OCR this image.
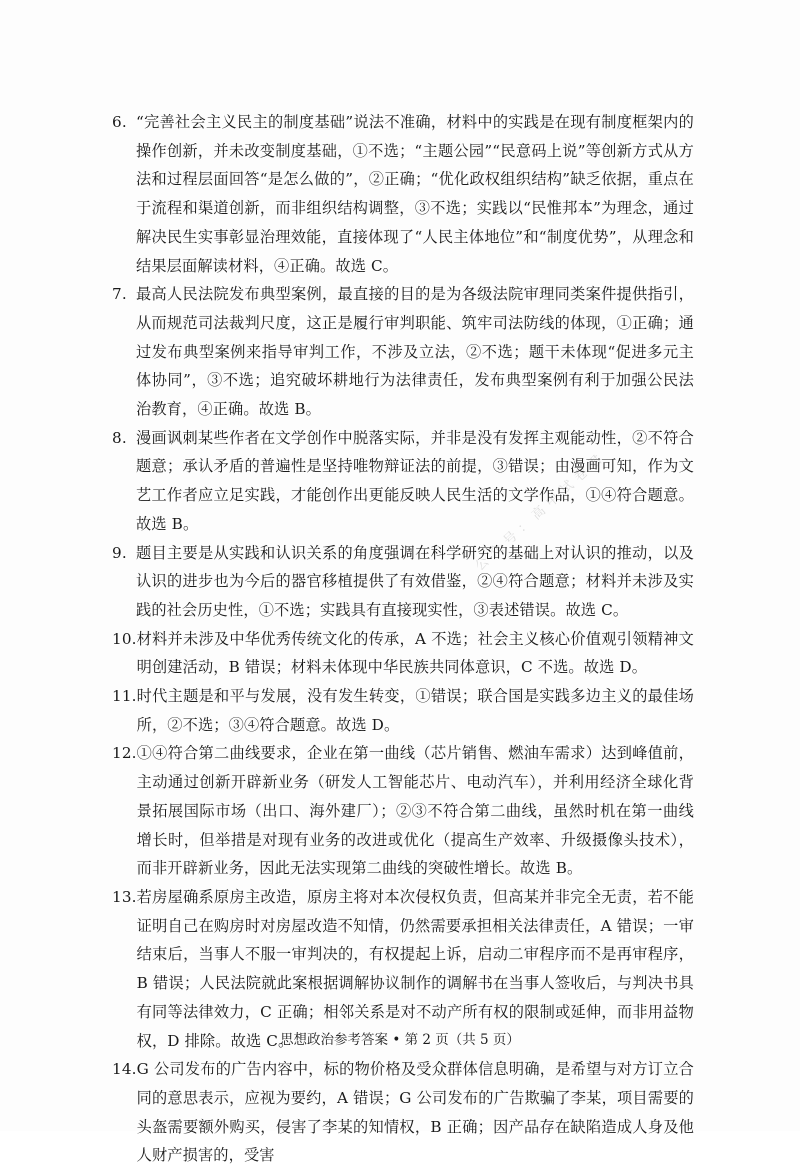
6. “完善社会主义民主的制度基础”说法不准确，材料中的实践是在现有制度框架内的操作创新，并未改变制度基础，①不选；“主题公园”“民意码上说”等创新方式从方法和过程层面回答“是怎么做的”，②正确；“优化政权组织结构”缺乏依据，重点在于流程和渠道创新，而非组织结构调整，③不选；实践以“民惟邦本”为理念，通过解决民生实事彰显治理效能，直接体现了“人民主体地位”和“制度优势”，从理念和结果层面解读材料，④正确。故选 C。
7. 最高人民法院发布典型案例，最直接的目的是为各级法院审理同类案件提供指引，从而规范司法裁判尺度，这正是履行审判职能、筑牢司法防线的体现，①正确；通过发布典型案例来指导审判工作，不涉及立法，②不选；题干未体现“促进多元主体协同”，③不选；追究破坏耕地行为法律责任，发布典型案例有利于加强公民法治教育，④正确。故选 B。
8. 漫画讽刺某些作者在文学创作中脱落实际，并非是没有发挥主观能动性，②不符合题意；承认矛盾的普遍性是坚持唯物辩证法的前提，③错误；由漫画可知，作为文艺工作者应立足实践，才能创作出更能反映人民生活的文学作品，①④符合题意。故选 B。
9. 题目主要是从实践和认识关系的角度强调在科学研究的基础上对认识的推动，以及认识的进步也为今后的器官移植提供了有效借鉴，②④符合题意；材料并未涉及实践的社会历史性，①不选；实践具有直接现实性，③表述错误。故选 C。
10. 材料并未涉及中华优秀传统文化的传承，A 不选；社会主义核心价值观引领精神文明创建活动，B 错误；材料未体现中华民族共同体意识，C 不选。故选 D。
11. 时代主题是和平与发展，没有发生转变，①错误；联合国是实践多边主义的最佳场所，②不选；③④符合题意。故选 D。
12. ①④符合第二曲线要求，企业在第一曲线（芯片销售、燃油车需求）达到峰值前，主动通过创新开辟新业务（研发人工智能芯片、电动汽车），并利用经济全球化背景拓展国际市场（出口、海外建厂）；②③不符合第二曲线，虽然时机在第一曲线增长时，但举措是对现有业务的改进或优化（提高生产效率、升级摄像头技术），而非开辟新业务，因此无法实现第二曲线的突破性增长。故选 B。
13. 若房屋确系原房主改造，原房主将对本次侵权负责，但高某并非完全无责，若不能证明自己在购房时对房屋改造不知情，仍然需要承担相关法律责任，A 错误；一审结束后，当事人不服一审判决的，有权提起上诉，启动二审程序而不是再审程序，B 错误；人民法院就此案根据调解协议制作的调解书在当事人签收后，与判决书具有同等法律效力，C 正确；相邻关系是对不动产所有权的限制或延伸，而非用益物权，D 排除。故选 C。
14. G 公司发布的广告内容中，标的物价格及受众群体信息明确，是希望与对方订立合同的意思表示，应视为要约，A 错误；G 公司发布的广告欺骗了李某，项目需要的头盔需要额外购买，侵害了李某的知情权，B 正确；因产品存在缺陷造成人身及他人财产损害的，受害
公众号：高中试卷君
思想政治参考答案 • 第 2 页（共 5 页）
